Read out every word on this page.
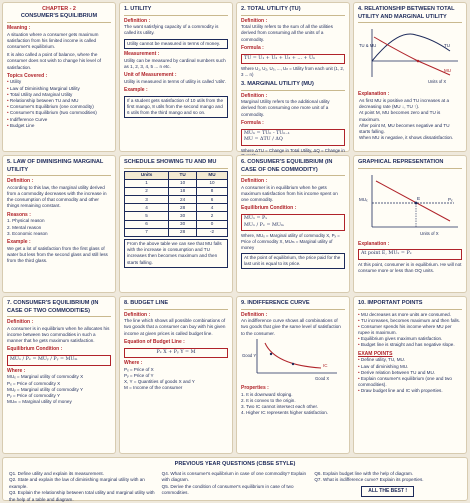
CHAPTER - 2
CONSUMER'S EQUILIBRIUM
Meaning :
A situation where a consumer gets maximum satisfaction from his limited income is called consumer's equilibrium.
It is also called a point of balance, where the consumer does not wish to change his level of satisfaction.
Topics Covered :
• Utility
• Law of Diminishing Marginal Utility
• Total Utility and Marginal Utility
• Relationship between TU and MU
• Consumer's Equilibrium (one commodity)
• Consumer's Equilibrium (two commodities)
• Indifference Curve
• Budget Line
1. UTILITY
Definition :
The want satisfying capacity of a commodity is called its utility.
Utility cannot be measured in terms of money.
Measurement :
Utility can be measured by cardinal numbers such as 1, 2, 3, 4, 5 ... n etc.
Unit of Measurement :
Utility is measured in terms of utility is called 'utils'.
Example :
If a student gets satisfaction of 10 utils from the first mango, 8 utils from the second mango and 6 utils from the third mango and so on.
2. TOTAL UTILITY (TU)
Definition :
Total Utility refers to the sum of all the utilities derived from consuming all the units of a commodity.
Formula :
TU = U₁ + U₂ + U₃ + ... + Uₙ
Where U₁, U₂, U₃, ..., Uₙ = Utility from each unit (1, 2, 3 ... n)
3. MARGINAL UTILITY (MU)
Definition :
Marginal Utility refers to the additional utility derived from consuming one more unit of a commodity.
Formula :
MUₙ = TUₙ - TUₙ₋₁
MU = ΔTU / ΔQ
Where ΔTU = Change in Total Utility, ΔQ = Change in
4. RELATIONSHIP BETWEEN TOTAL UTILITY AND MARGINAL UTILITY
TU & MU
Units of X
TU
MU
Explanation :
As first MU is positive and TU increases at a decreasing rate (MU ↓, TU ↑).
At point M, MU becomes zero and TU is maximum.
After point M, MU becomes negative and TU starts falling.
When MU is negative, it shows dissatisfaction.
5. LAW OF DIMINISHING MARGINAL UTILITY
Definition :
According to this law, the marginal utility derived from a commodity decreases with the increase in the consumption of that commodity and other things remaining constant.
Reasons :
1. Physical reason
2. Mental reason
3. Economic reason
Example :
We get a lot of satisfaction from the first glass of water but less from the second glass and still less from the third glass.
SCHEDULE SHOWING TU AND MU
Units	TU	MU
1	10	10
2	18	8
3	24	6
4	28	4
5	30	2
6	30	0
7	28	-2
From the above table we can see that MU falls with the increase in consumption and TU increases then becomes maximum and then starts falling.
6. CONSUMER'S EQUILIBRIUM (IN CASE OF ONE COMMODITY)
Definition :
A consumer is in equilibrium when he gets maximum satisfaction from his income spent on one commodity.
Equilibrium Condition :
MUₓ = Pₓ
MUₓ / Pₓ = MUₘ
Where, MUₓ = Marginal utility of commodity X, Pₓ = Price of commodity X, MUₘ = Marginal utility of money
At the point of equilibrium, the price paid for the last unit is equal to its price.
GRAPHICAL REPRESENTATION
MUₓ
Units of X
E	Pₓ
Explanation :
At point E, MUₓ = Pₓ
At this point, consumer is in equilibrium. He will not consume more or less than OQ units.
7. CONSUMER'S EQUILIBRIUM (IN CASE OF TWO COMMODITIES)
Definition :
A consumer is in equilibrium when he allocates his income between two commodities in such a manner that he gets maximum satisfaction.
Equilibrium Condition :
MUₓ / Pₓ = MUᵧ / Pᵧ = MUₘ
Where :
MUₓ = Marginal utility of commodity X
Pₓ = Price of commodity X
MUᵧ = Marginal utility of commodity Y
Pᵧ = Price of commodity Y
MUₘ = Marginal utility of money
8. BUDGET LINE
Definition :
The line which shows all possible combinations of two goods that a consumer can buy with his given income at given prices is called budget line.
Equation of Budget Line :
Pₓ X + Pᵧ Y = M
Where :
Pₓ = Price of X
Pᵧ = Price of Y
X, Y = Quantities of goods X and Y
M = Income of the consumer
9. INDIFFERENCE CURVE
Definition :
An indifference curve shows all combinations of two goods that give the same level of satisfaction to the consumer.
Good Y
Good X
IC
Properties :
1. It is downward sloping.
2. It is convex to the origin.
3. Two IC cannot intersect each other.
4. Higher IC represents higher satisfaction.
10. IMPORTANT POINTS
• MU decreases as more units are consumed.
• TU increases, becomes maximum and then falls.
• Consumer spends his income where MU per rupee is maximum.
• Equilibrium gives maximum satisfaction.
• Budget line is straight and has negative slope.
EXAM POINTS
• Define utility, TU, MU.
• Law of diminishing MU.
• Derive relation between TU and MU.
• Explain consumer's equilibrium (one and two commodities).
• Draw budget line and IC with properties.
PREVIOUS YEAR QUESTIONS (CBSE STYLE)
Q1. Define utility and explain its measurement.
Q2. State and explain the law of diminishing marginal utility with an example.
Q3. Explain the relationship between total utility and marginal utility with the help of a table and diagram.
Q4. What is consumer's equilibrium in case of one commodity? Explain with diagram.
Q5. Derive the condition of consumer's equilibrium in case of two commodities.
Q6. Explain budget line with the help of diagram.
Q7. What is indifference curve? Explain its properties.
ALL THE BEST !
